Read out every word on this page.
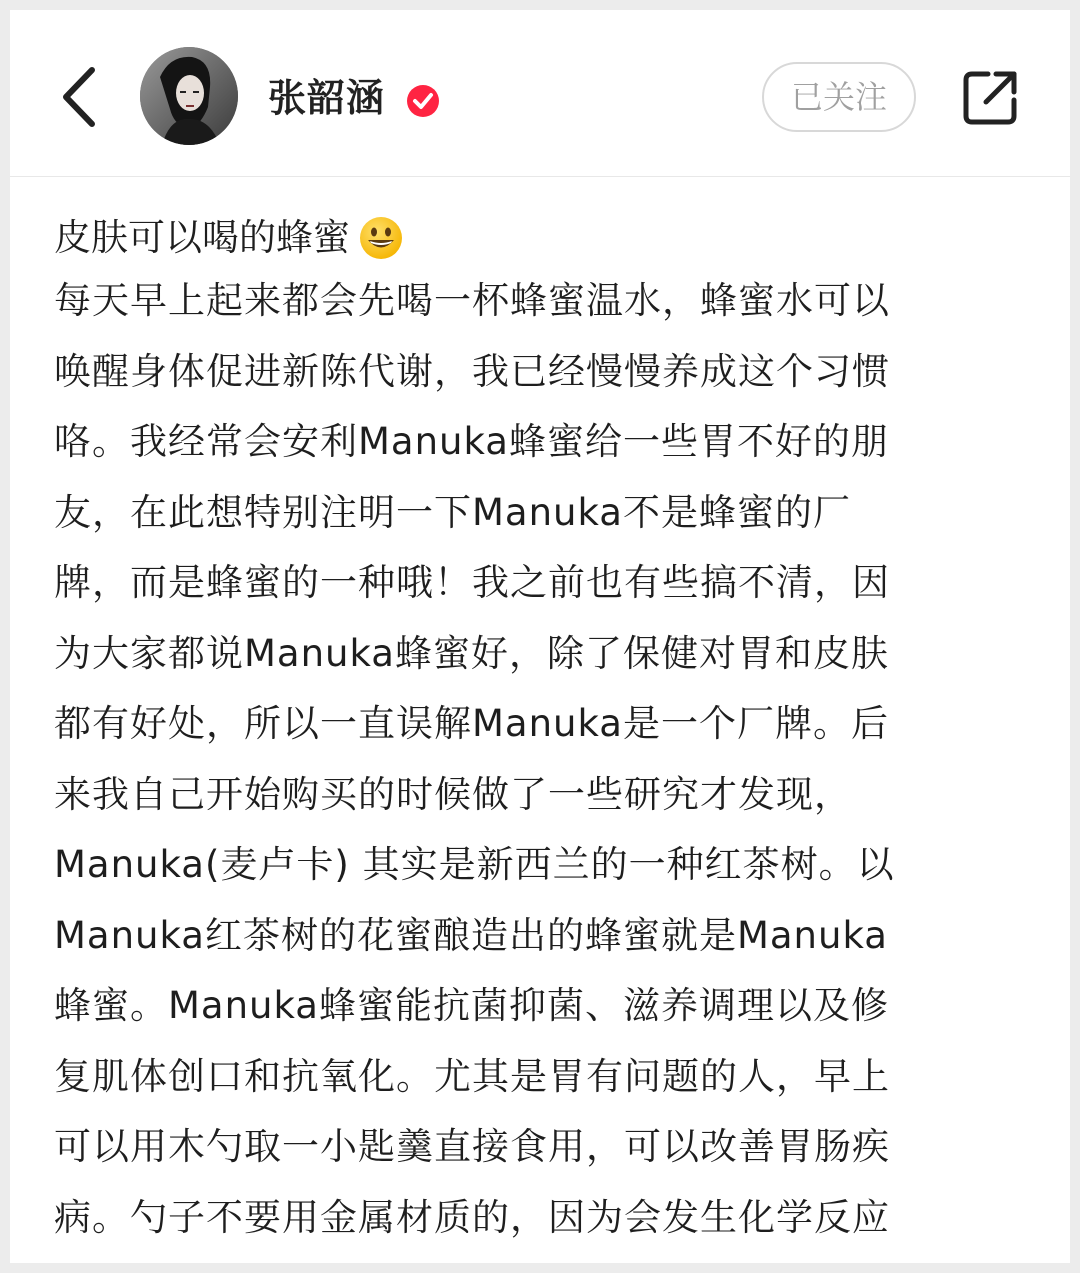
张韶涵	已关注
皮肤可以喝的蜂蜜
每天早上起来都会先喝一杯蜂蜜温水，蜂蜜水可以
唤醒身体促进新陈代谢，我已经慢慢养成这个习惯
咯。我经常会安利Manuka蜂蜜给一些胃不好的朋
友，在此想特别注明一下Manuka不是蜂蜜的厂
牌，而是蜂蜜的一种哦！我之前也有些搞不清，因
为大家都说Manuka蜂蜜好，除了保健对胃和皮肤
都有好处，所以一直误解Manuka是一个厂牌。后
来我自己开始购买的时候做了一些研究才发现，
Manuka(麦卢卡) 其实是新西兰的一种红茶树。以
Manuka红茶树的花蜜酿造出的蜂蜜就是Manuka
蜂蜜。Manuka蜂蜜能抗菌抑菌、滋养调理以及修
复肌体创口和抗氧化。尤其是胃有问题的人，早上
可以用木勺取一小匙羹直接食用，可以改善胃肠疾
病。勺子不要用金属材质的，因为会发生化学反应
